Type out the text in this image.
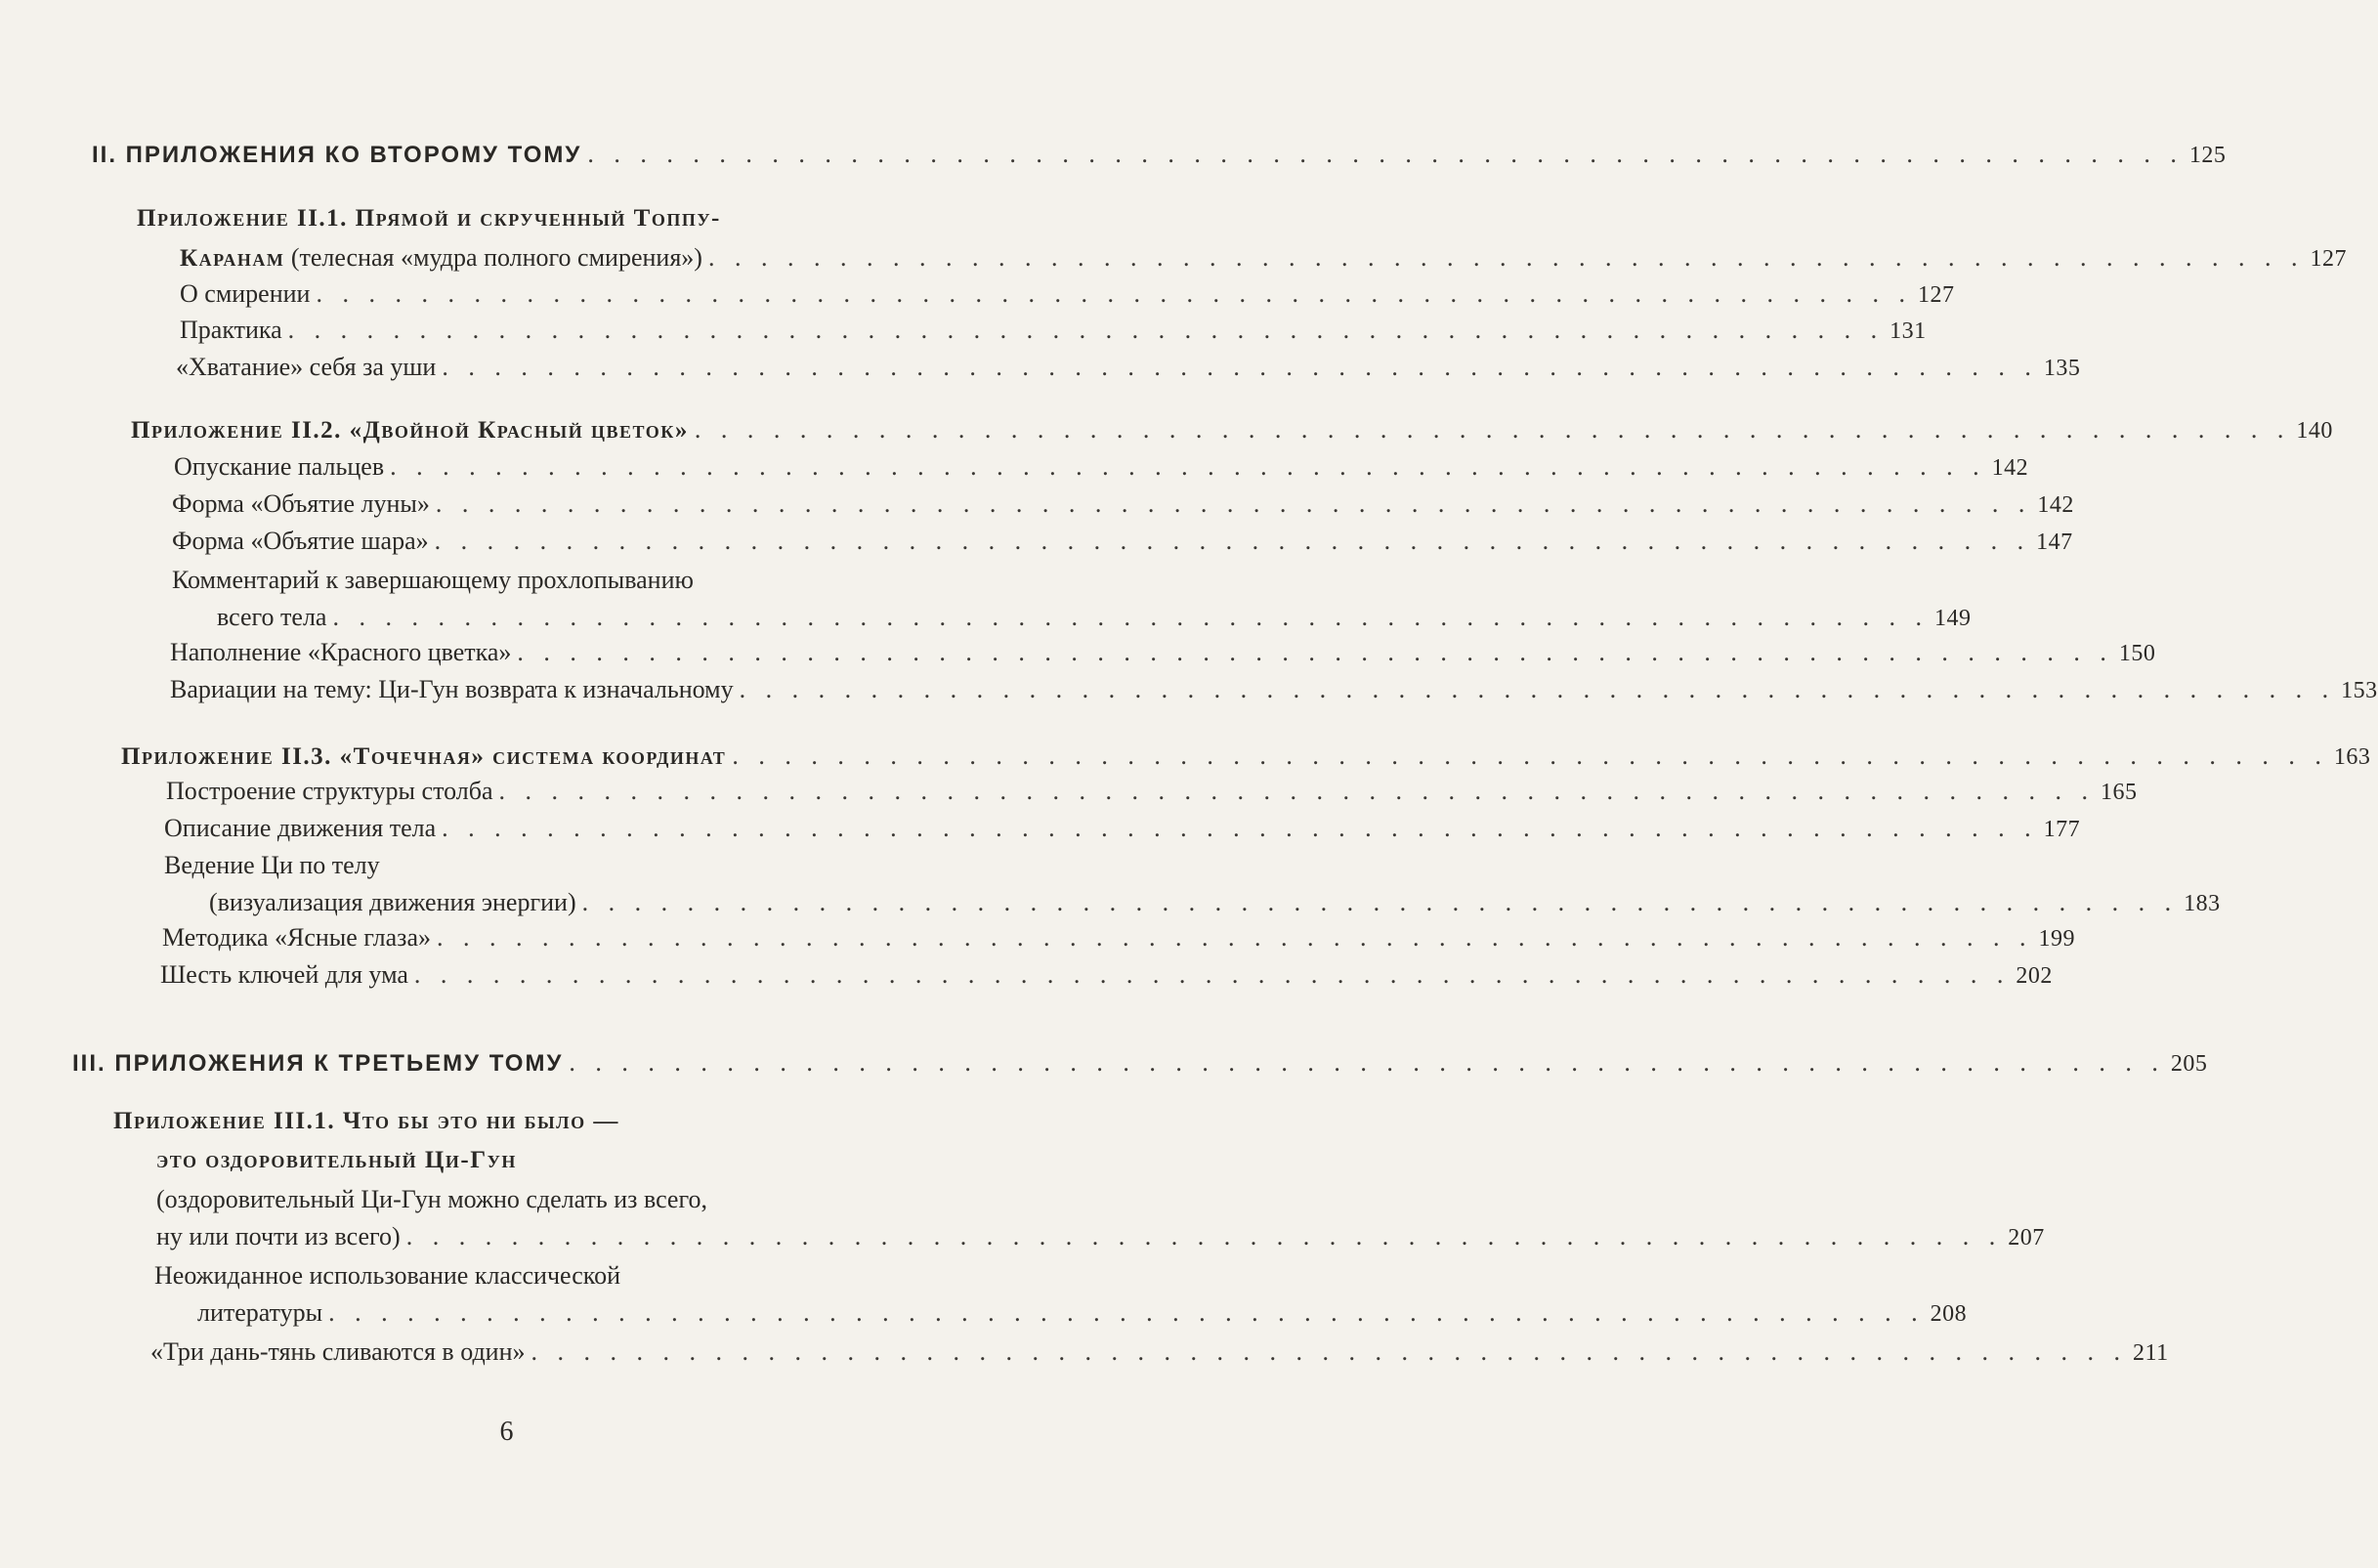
II. ПРИЛОЖЕНИЯ КО ВТОРОМУ ТОМУ . . . . . . . . . . . . . . . . . . . . . . . . . . . . . . . . . . . . . . . . . . . . . . . . . . . . . . . . . . . . . 125
Приложение II.1. Прямой и скрученный Топпу-
Каранам (телесная «мудра полного смирения») . . . . . . . . . . . . . . . . . . . . . . . . . . . . . . . . . . . . . . . . . . . . . . . . . . . . . . . . . . . . . 127
О смирении . . . . . . . . . . . . . . . . . . . . . . . . . . . . . . . . . . . . . . . . . . . . . . . . . . . . . . . . . . . . . 127
Практика . . . . . . . . . . . . . . . . . . . . . . . . . . . . . . . . . . . . . . . . . . . . . . . . . . . . . . . . . . . . . 131
«Хватание» себя за уши . . . . . . . . . . . . . . . . . . . . . . . . . . . . . . . . . . . . . . . . . . . . . . . . . . . . . . . . . . . . . 135
Приложение II.2. «Двойной Красный цветок» . . . . . . . . . . . . . . . . . . . . . . . . . . . . . . . . . . . . . . . . . . . . . . . . . . . . . . . . . . . . . 140
Опускание пальцев . . . . . . . . . . . . . . . . . . . . . . . . . . . . . . . . . . . . . . . . . . . . . . . . . . . . . . . . . . . . . 142
Форма «Объятие луны» . . . . . . . . . . . . . . . . . . . . . . . . . . . . . . . . . . . . . . . . . . . . . . . . . . . . . . . . . . . . . 142
Форма «Объятие шара» . . . . . . . . . . . . . . . . . . . . . . . . . . . . . . . . . . . . . . . . . . . . . . . . . . . . . . . . . . . . . 147
Комментарий к завершающему прохлопыванию
всего тела . . . . . . . . . . . . . . . . . . . . . . . . . . . . . . . . . . . . . . . . . . . . . . . . . . . . . . . . . . . . . 149
Наполнение «Красного цветка» . . . . . . . . . . . . . . . . . . . . . . . . . . . . . . . . . . . . . . . . . . . . . . . . . . . . . . . . . . . . . 150
Вариации на тему: Ци-Гун возврата к изначальному . . . . . . . . . . . . . . . . . . . . . . . . . . . . . . . . . . . . . . . . . . . . . . . . . . . . . . . . . . . . . 153
Приложение II.3. «Точечная» система координат . . . . . . . . . . . . . . . . . . . . . . . . . . . . . . . . . . . . . . . . . . . . . . . . . . . . . . . . . . . . . 163
Построение структуры столба . . . . . . . . . . . . . . . . . . . . . . . . . . . . . . . . . . . . . . . . . . . . . . . . . . . . . . . . . . . . . 165
Описание движения тела . . . . . . . . . . . . . . . . . . . . . . . . . . . . . . . . . . . . . . . . . . . . . . . . . . . . . . . . . . . . . 177
Ведение Ци по телу
(визуализация движения энергии) . . . . . . . . . . . . . . . . . . . . . . . . . . . . . . . . . . . . . . . . . . . . . . . . . . . . . . . . . . . . . 183
Методика «Ясные глаза» . . . . . . . . . . . . . . . . . . . . . . . . . . . . . . . . . . . . . . . . . . . . . . . . . . . . . . . . . . . . . 199
Шесть ключей для ума . . . . . . . . . . . . . . . . . . . . . . . . . . . . . . . . . . . . . . . . . . . . . . . . . . . . . . . . . . . . . 202
III. ПРИЛОЖЕНИЯ К ТРЕТЬЕМУ ТОМУ . . . . . . . . . . . . . . . . . . . . . . . . . . . . . . . . . . . . . . . . . . . . . . . . . . . . . . . . . . . . . 205
Приложение III.1. Что бы это ни было —
это оздоровительный Ци-Гун
(оздоровительный Ци-Гун можно сделать из всего,
ну или почти из всего) . . . . . . . . . . . . . . . . . . . . . . . . . . . . . . . . . . . . . . . . . . . . . . . . . . . . . . . . . . . . . 207
Неожиданное использование классической
литературы . . . . . . . . . . . . . . . . . . . . . . . . . . . . . . . . . . . . . . . . . . . . . . . . . . . . . . . . . . . . . 208
«Три дань-тянь сливаются в один» . . . . . . . . . . . . . . . . . . . . . . . . . . . . . . . . . . . . . . . . . . . . . . . . . . . . . . . . . . . . . 211
6
